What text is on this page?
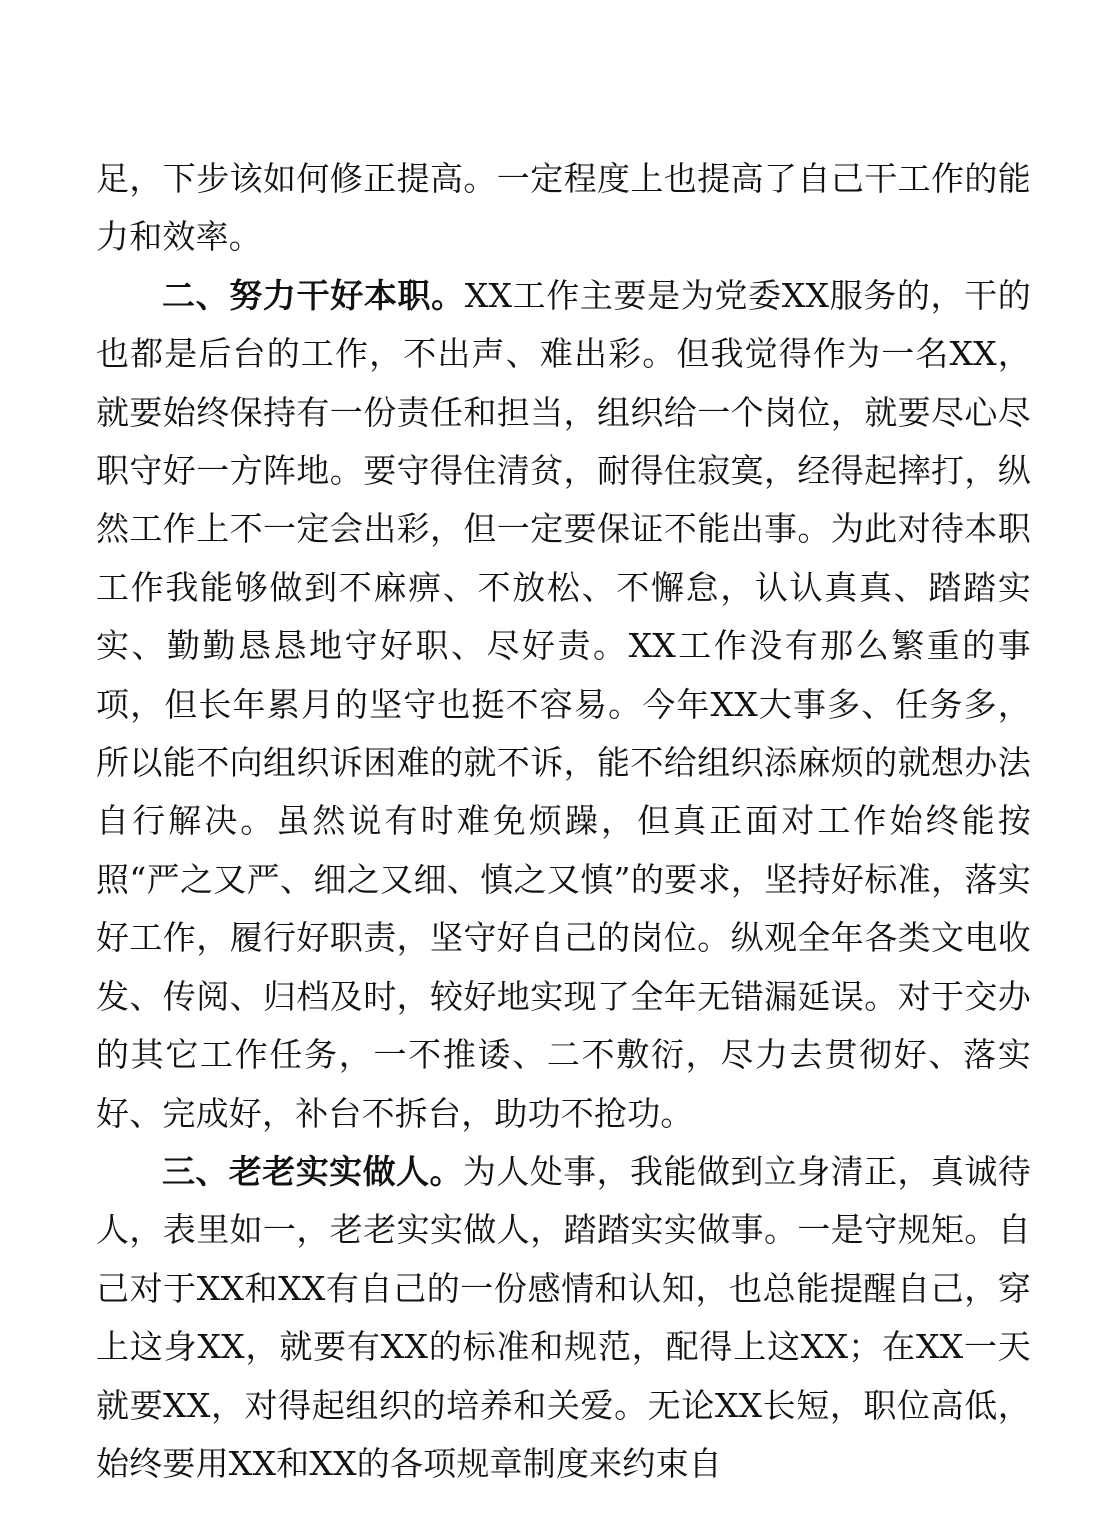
足，下步该如何修正提高。一定程度上也提高了自己干工作的能力和效率。

二、努力干好本职。XX工作主要是为党委XX服务的，干的也都是后台的工作，不出声、难出彩。但我觉得作为一名XX，就要始终保持有一份责任和担当，组织给一个岗位，就要尽心尽职守好一方阵地。要守得住清贫，耐得住寂寞，经得起摔打，纵然工作上不一定会出彩，但一定要保证不能出事。为此对待本职工作我能够做到不麻痹、不放松、不懈怠，认认真真、踏踏实实、勤勤恳恳地守好职、尽好责。XX工作没有那么繁重的事项，但长年累月的坚守也挺不容易。今年XX大事多、任务多，所以能不向组织诉困难的就不诉，能不给组织添麻烦的就想办法自行解决。虽然说有时难免烦躁，但真正面对工作始终能按照“严之又严、细之又细、慎之又慎”的要求，坚持好标准，落实好工作，履行好职责，坚守好自己的岗位。纵观全年各类文电收发、传阅、归档及时，较好地实现了全年无错漏延误。对于交办的其它工作任务，一不推诿、二不敷衍，尽力去贯彻好、落实好、完成好，补台不拆台，助功不抢功。

三、老老实实做人。为人处事，我能做到立身清正，真诚待人，表里如一，老老实实做人，踏踏实实做事。一是守规矩。自己对于XX和XX有自己的一份感情和认知，也总能提醒自己，穿上这身XX，就要有XX的标准和规范，配得上这XX；在XX一天就要XX，对得起组织的培养和关爱。无论XX长短，职位高低，始终要用XX和XX的各项规章制度来约束自
